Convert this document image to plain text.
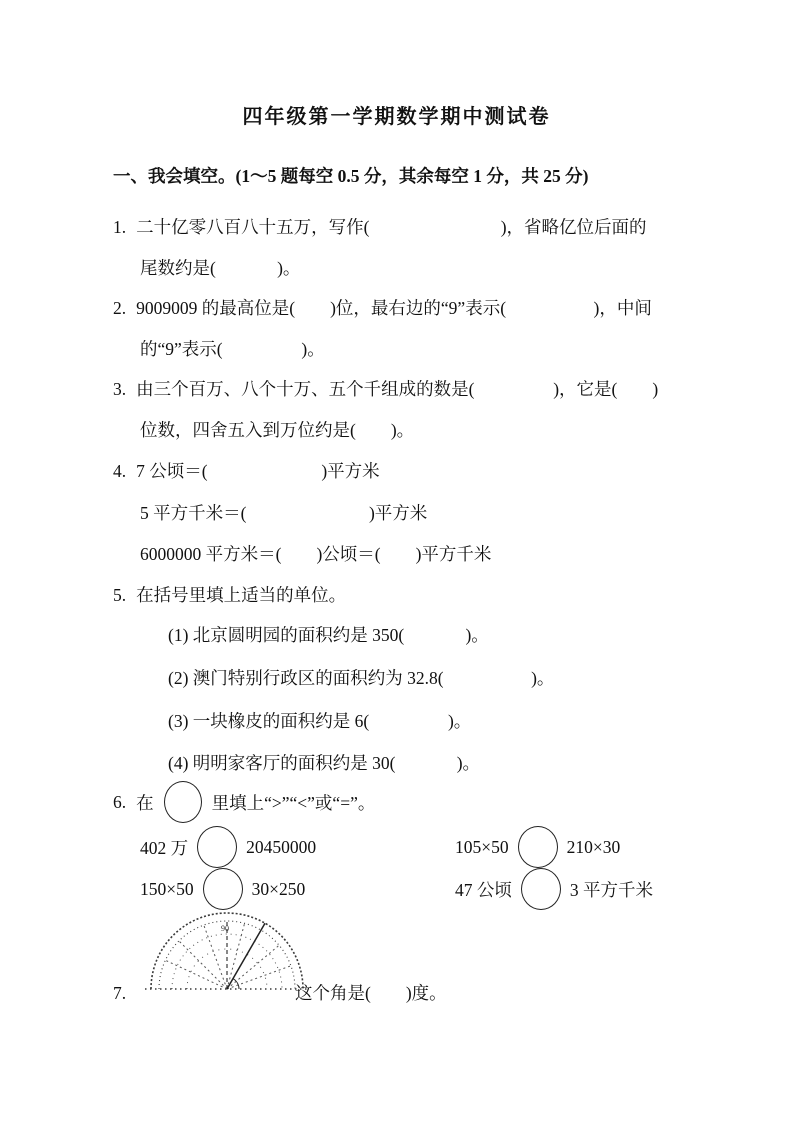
四年级第一学期数学期中测试卷
一、我会填空。(1～5 题每空 0.5 分，其余每空 1 分，共 25 分)
1. 二十亿零八百八十五万，写作(                              )，省略亿位后面的
尾数约是(              )。
2. 9009009 的最高位是(        )位，最右边的“9”表示(                    )，中间
的“9”表示(                  )。
3. 由三个百万、八个十万、五个千组成的数是(                  )，它是(        )
位数，四舍五入到万位约是(        )。
4. 7 公顷＝(                          )平方米
5 平方千米＝(                            )平方米
6000000 平方米＝(        )公顷＝(        )平方千米
5. 在括号里填上适当的单位。
(1) 北京圆明园的面积约是 350(              )。
(2) 澳门特别行政区的面积约为 32.8(                    )。
(3) 一块橡皮的面积约是 6(                  )。
(4) 明明家客厅的面积约是 30(              )。
6. 在	里填上“>”“<”或“=”。
402 万	20450000	105×50	210×30
150×50	30×250	47 公顷	3 平方千米
90
7.	这个角是(        )度。
